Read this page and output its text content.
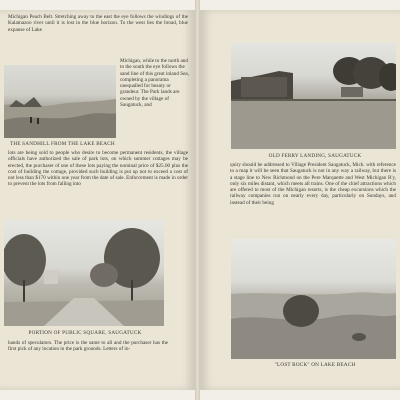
Michigan Peach Belt. Stretching away to the east the eye follows the windings of the Kalamazoo river until it is lost in the blue horizon. To the west lies the broad, blue expanse of Lake
Michigan, while to the north and to the south the eye follows the sand line of this great inland Sea, completing a panorama unequalled for beauty or grandeur. The Park lands are owned by the village of Saugatuck, and
THE SANDHILL FROM THE LAKE BEACH
lots are being sold to people who desire to become permanent residents, the village officials have authorized the sale of park lots, on which summer cottages may be erected, the purchaser of one of these lots paying the nominal price of $25.00 plus the cost of building the cottage, provided such building is put up not to exceed a cost of not less than $170 within one year from the date of sale. Enforcement is made in order to prevent the lots from falling into
PORTION OF PUBLIC SQUARE, SAUGATUCK
hands of speculators. The price is the same to all and the purchaser has the first pick of any location in the park grounds. Letters of in-
OLD FERRY LANDING, SAUGATUCK
quiry should be addressed to Village President Saugatuck, Mich. with reference to a map it will be seen that Saugatuck is not in any way a railway, but there is a stage line to New Richmond on the Pere Marquette and West Michigan R'y, only six miles distant, which meets all trains. One of the chief attractions which are offered to most of the Michigan resorts, is the cheap excursions which the railway companies run on nearly every day, particularly on Sundays, and instead of their being
"LOST ROCK" ON LAKE BEACH
